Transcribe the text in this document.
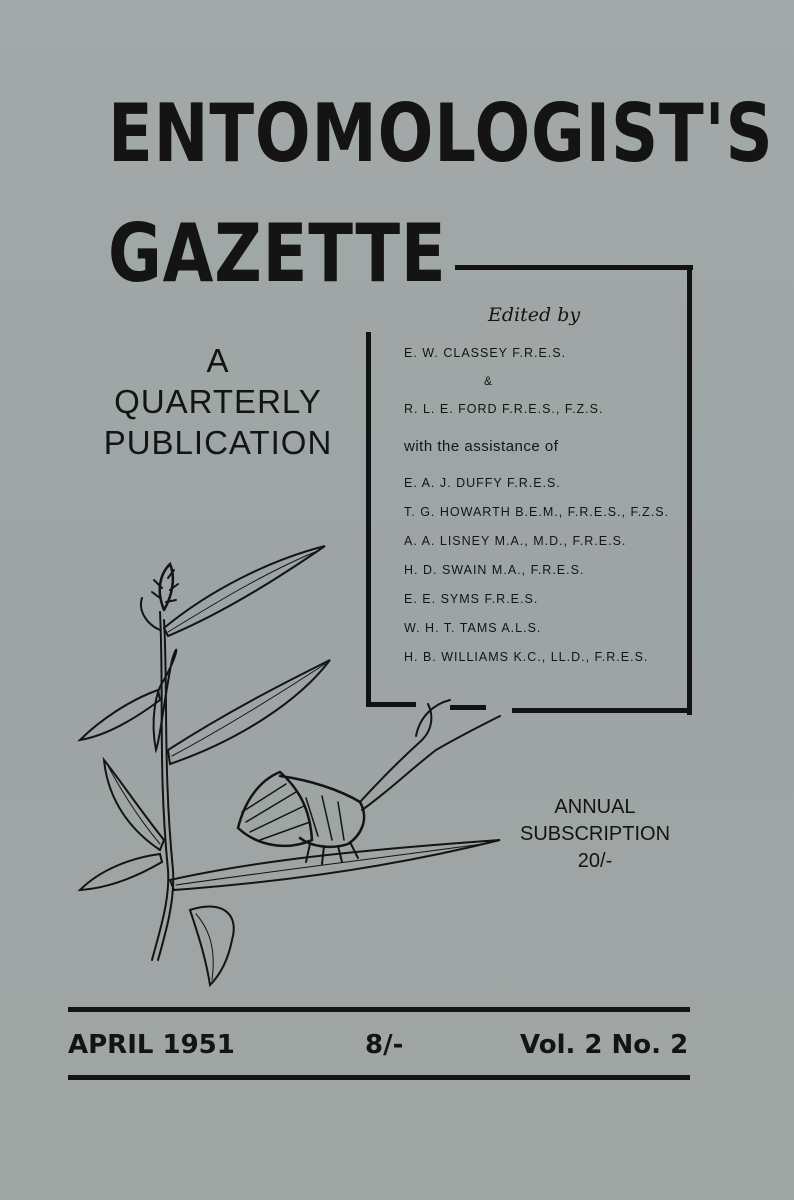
ENTOMOLOGIST'S
GAZETTE
A
QUARTERLY
PUBLICATION
Edited by
E. W. CLASSEY F.R.E.S.
&
R. L. E. FORD F.R.E.S., F.Z.S.
with the assistance of
E. A. J. DUFFY F.R.E.S.
T. G. HOWARTH B.E.M., F.R.E.S., F.Z.S.
A. A. LISNEY M.A., M.D., F.R.E.S.
H. D. SWAIN M.A., F.R.E.S.
E. E. SYMS F.R.E.S.
W. H. T. TAMS A.L.S.
H. B. WILLIAMS K.C., LL.D., F.R.E.S.
ANNUAL
SUBSCRIPTION
20/-
APRIL 1951	8/-	Vol. 2 No. 2
